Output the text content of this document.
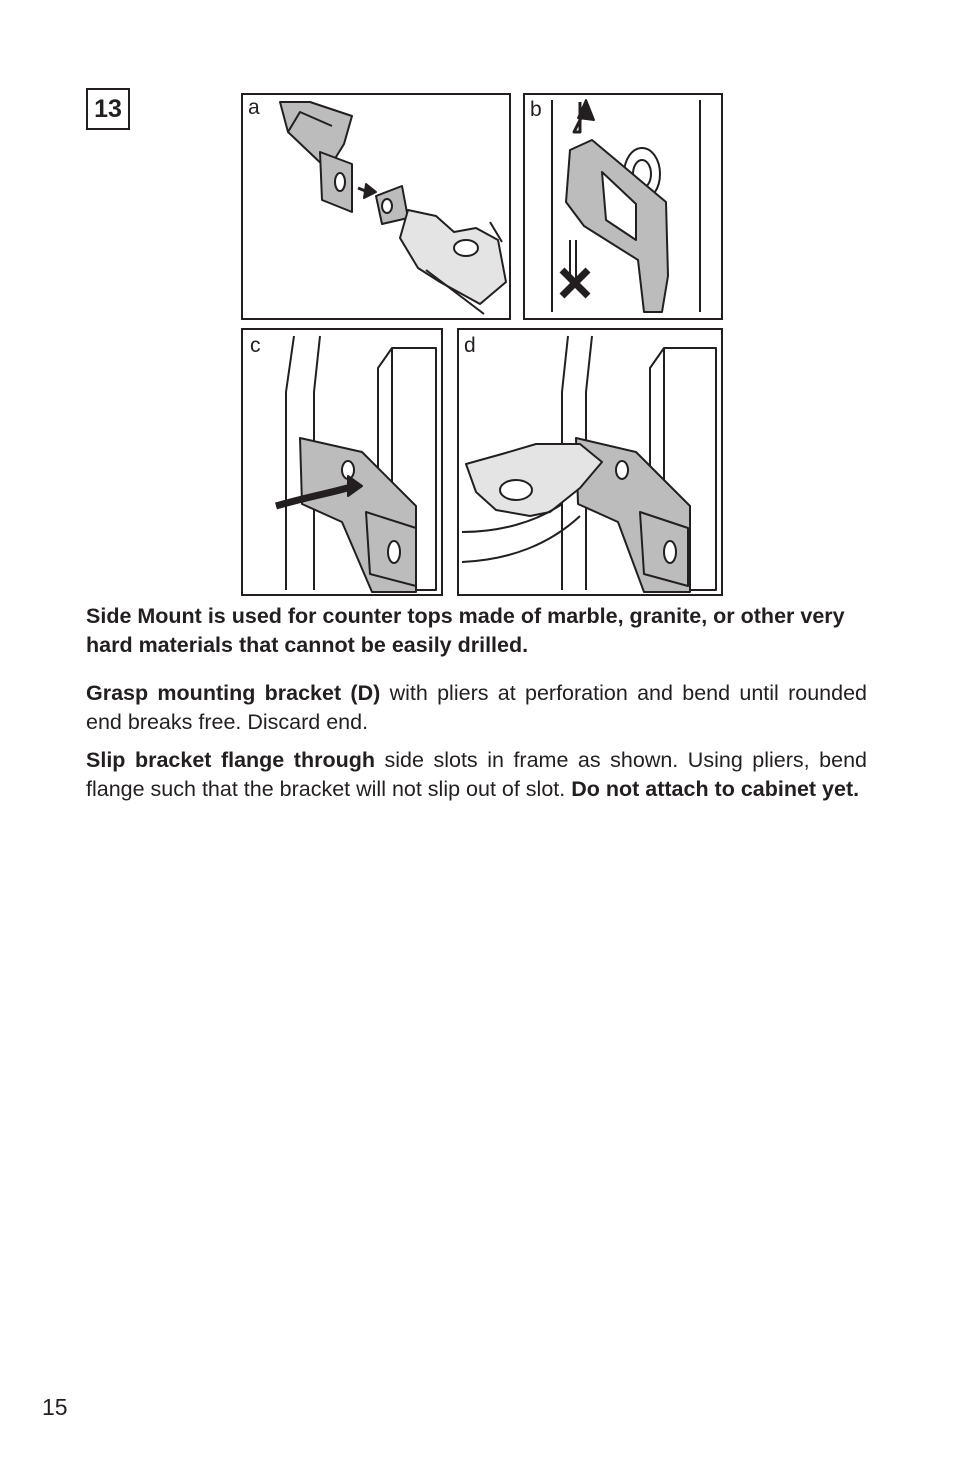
13	a	b
c	d
Side Mount is used for counter tops made of marble, granite, or other very hard materials that cannot be easily drilled.
Grasp mounting bracket (D) with pliers at perforation and bend until rounded end breaks free. Discard end.
Slip bracket flange through side slots in frame as shown. Using pliers, bend flange such that the bracket will not slip out of slot. Do not attach to cabinet yet.
15
